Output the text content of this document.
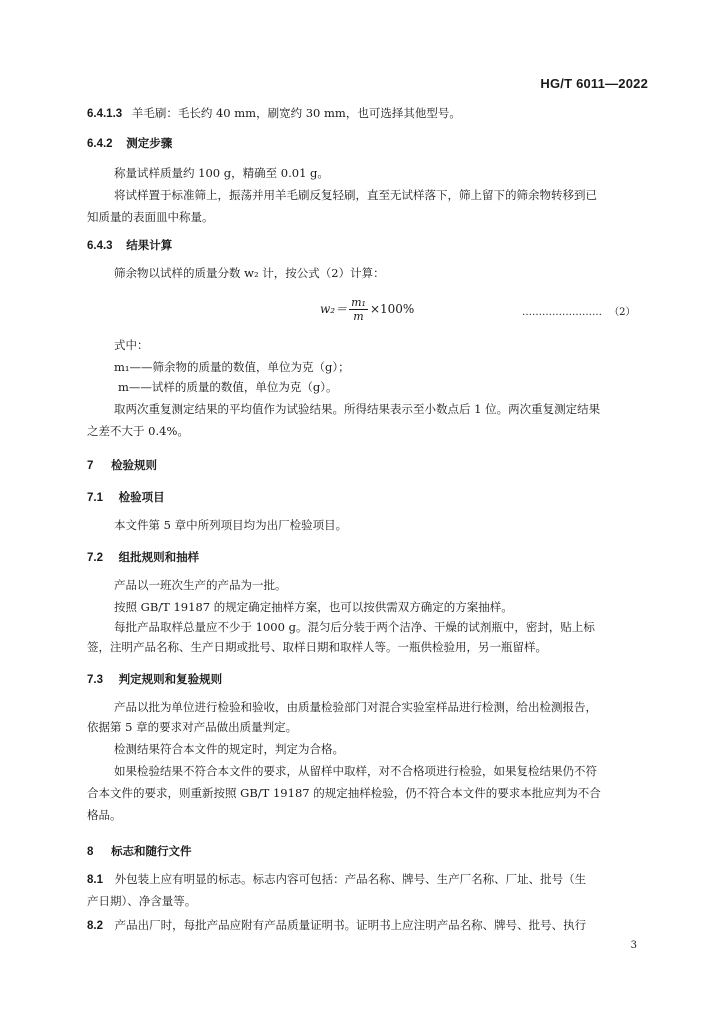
HG/T 6011—2022
6.4.1.3 羊毛刷：毛长约 40 mm，刷宽约 30 mm，也可选择其他型号。
6.4.2 测定步骤
称量试样质量约 100 g，精确至 0.01 g。
将试样置于标准筛上，振荡并用羊毛刷反复轻刷，直至无试样落下，筛上留下的筛余物转移到已
知质量的表面皿中称量。
6.4.3 结果计算
筛余物以试样的质量分数 w₂ 计，按公式（2）计算：
$w_2= \frac{\text{m₁}}{m} \times 100\%$	…………………… （2）
式中：
m₁——筛余物的质量的数值，单位为克（g）；
m——试样的质量的数值，单位为克（g）。
取两次重复测定结果的平均值作为试验结果。所得结果表示至小数点后 1 位。两次重复测定结果
之差不大于 0.4%。
7 检验规则
7.1 检验项目
本文件第 5 章中所列项目均为出厂检验项目。
7.2 组批规则和抽样
产品以一班次生产的产品为一批。
按照 GB/T 19187 的规定确定抽样方案，也可以按供需双方确定的方案抽样。
每批产品取样总量应不少于 1000 g。混匀后分装于两个洁净、干燥的试剂瓶中，密封，贴上标
签，注明产品名称、生产日期或批号、取样日期和取样人等。一瓶供检验用，另一瓶留样。
7.3 判定规则和复验规则
产品以批为单位进行检验和验收，由质量检验部门对混合实验室样品进行检测，给出检测报告，
依据第 5 章的要求对产品做出质量判定。
检测结果符合本文件的规定时，判定为合格。
如果检验结果不符合本文件的要求，从留样中取样，对不合格项进行检验，如果复检结果仍不符
合本文件的要求，则重新按照 GB/T 19187 的规定抽样检验，仍不符合本文件的要求本批应判为不合
格品。
8 标志和随行文件
8.1 外包装上应有明显的标志。标志内容可包括：产品名称、牌号、生产厂名称、厂址、批号（生
产日期）、净含量等。
8.2 产品出厂时，每批产品应附有产品质量证明书。证明书上应注明产品名称、牌号、批号、执行
3
